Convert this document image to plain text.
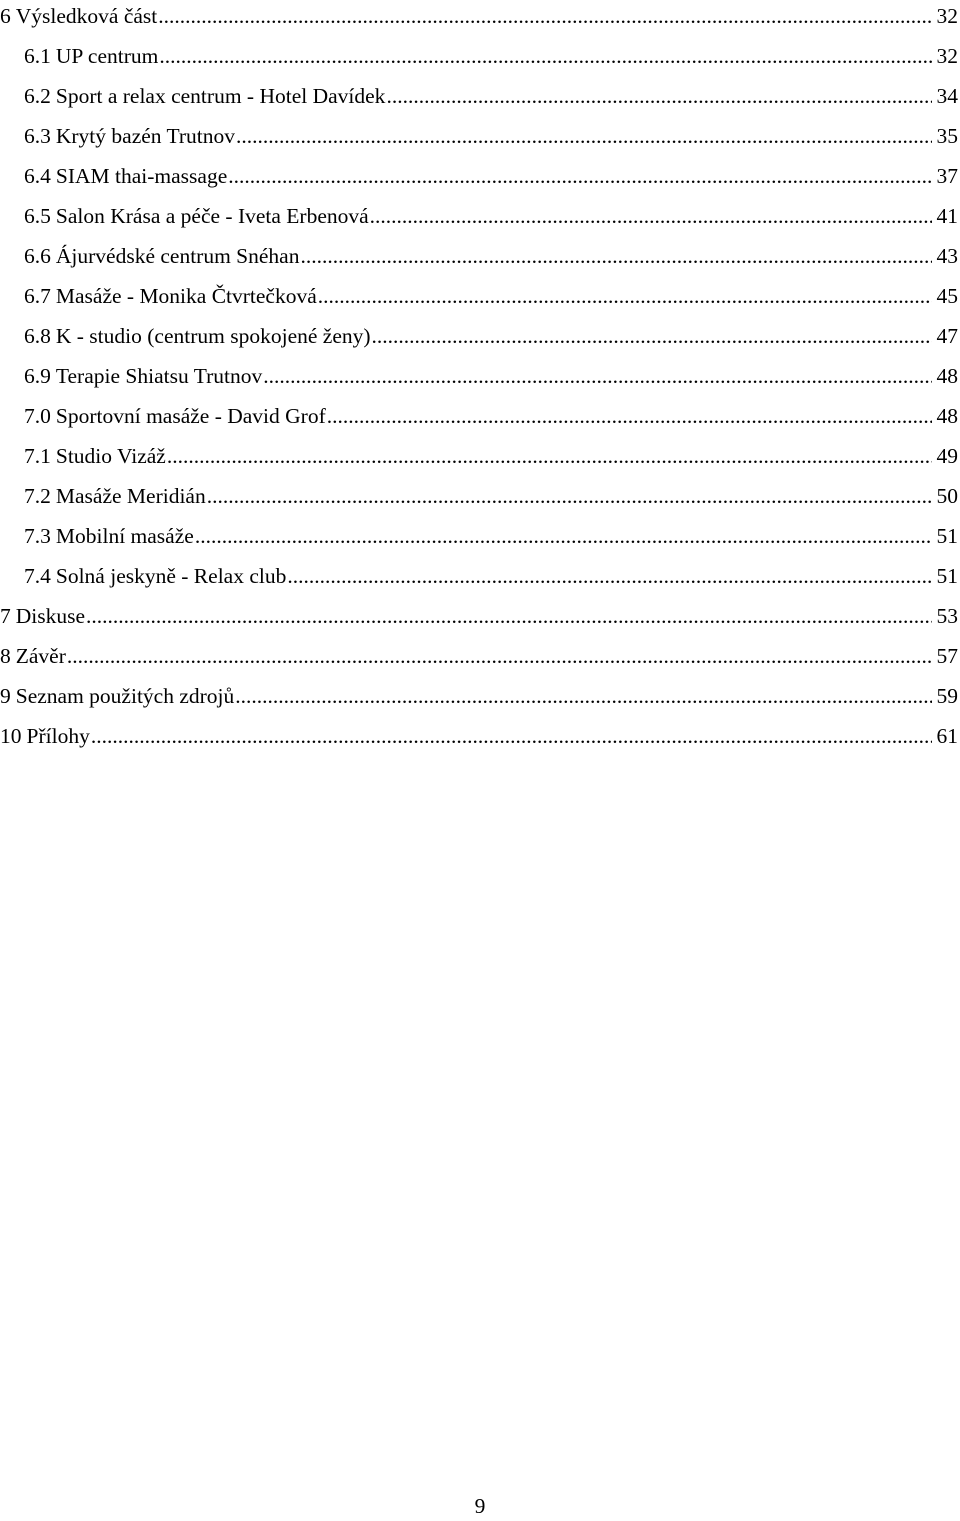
6 Výsledková část .....	32
6.1 UP centrum .....	32
6.2 Sport a relax centrum - Hotel Davídek .....	34
6.3 Krytý bazén Trutnov .....	35
6.4 SIAM thai-massage .....	37
6.5 Salon Krása a péče - Iveta Erbenová .....	41
6.6 Ájurvédské centrum Snéhan .....	43
6.7 Masáže - Monika Čtvrtečková .....	45
6.8 K - studio (centrum spokojené ženy) .....	47
6.9 Terapie Shiatsu Trutnov .....	48
7.0 Sportovní masáže - David Grof .....	48
7.1 Studio Vizáž .....	49
7.2 Masáže Meridián .....	50
7.3 Mobilní masáže .....	51
7.4 Solná jeskyně - Relax club .....	51
7 Diskuse .....	53
8 Závěr .....	57
9 Seznam použitých zdrojů .....	59
10 Přílohy .....	61
9
